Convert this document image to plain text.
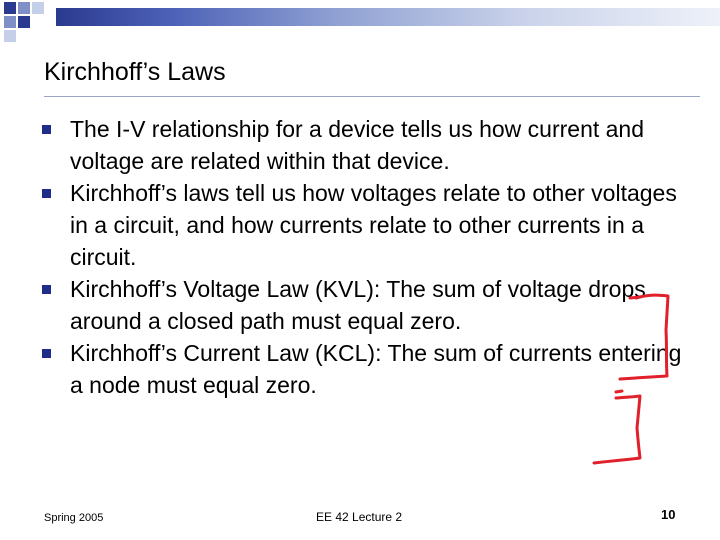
Kirchhoff’s Laws
The I-V relationship for a device tells us how current and voltage are related within that device.
Kirchhoff’s laws tell us how voltages relate to other voltages in a circuit, and how currents relate to other currents in a circuit.
Kirchhoff’s Voltage Law (KVL): The sum of voltage drops around a closed path must equal zero.
Kirchhoff’s Current Law (KCL): The sum of currents entering a node must equal zero.
Spring 2005	EE 42 Lecture 2	10
